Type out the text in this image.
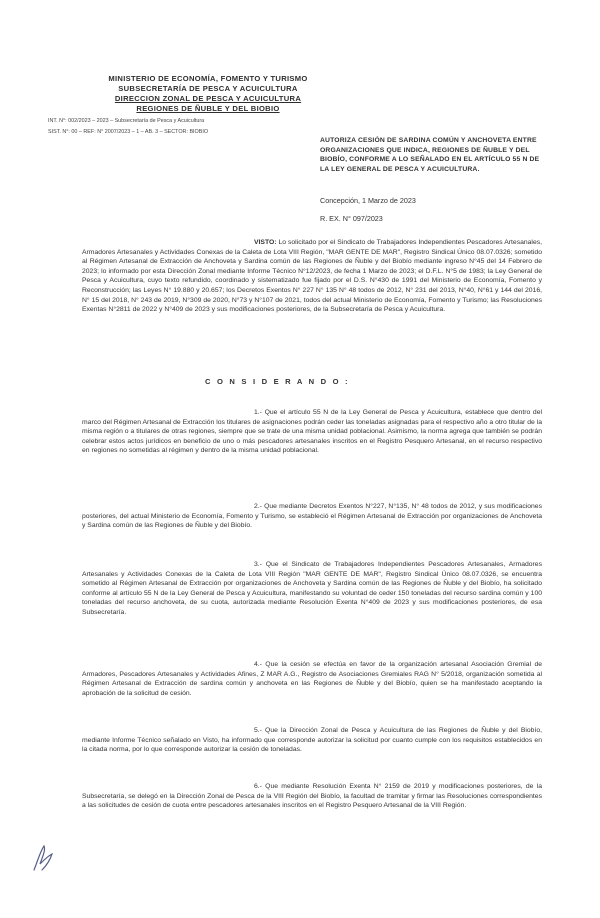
MINISTERIO DE ECONOMÍA, FOMENTO Y TURISMO
SUBSECRETARÍA DE PESCA Y ACUICULTURA
DIRECCION ZONAL DE PESCA Y ACUICULTURA
REGIONES DE ÑUBLE Y DEL BIOBIO
INT. N°: 002/2023 – 2023 – Subsecretaría de Pesca y Acuicultura
SIST. N°: 00 – REF: N° 2007/2023 – 1 – AB. 3 – SECTOR: BIOBIO
AUTORIZA CESIÓN DE SARDINA COMÚN Y ANCHOVETA ENTRE ORGANIZACIONES QUE INDICA, REGIONES DE ÑUBLE Y DEL BIOBÍO, CONFORME A LO SEÑALADO EN EL ARTÍCULO 55 N DE LA LEY GENERAL DE PESCA Y ACUICULTURA.
Concepción, 1 Marzo de 2023
R. EX. N° 097/2023
VISTO: Lo solicitado por el Sindicato de Trabajadores Independientes Pescadores Artesanales, Armadores Artesanales y Actividades Conexas de la Caleta de Lota VIII Región, "MAR GENTE DE MAR", Registro Sindical Único 08.07.0326; sometido al Régimen Artesanal de Extracción de Anchoveta y Sardina común de las Regiones de Ñuble y del Biobío mediante ingreso N°45 del 14 Febrero de 2023; lo informado por esta Dirección Zonal mediante Informe Técnico N°12/2023, de fecha 1 Marzo de 2023; el D.F.L. N°5 de 1983; la Ley General de Pesca y Acuicultura, cuyo texto refundido, coordinado y sistematizado fue fijado por el D.S. N°430 de 1991 del Ministerio de Economía, Fomento y Reconstrucción; las Leyes N° 19.880 y 20.657; los Decretos Exentos N° 227 N° 135 N° 48 todos de 2012, N° 231 del 2013, N°40, N°61 y 144 del 2016, N° 15 del 2018, N° 243 de 2019, N°309 de 2020, N°73 y N°107 de 2021, todos del actual Ministerio de Economía, Fomento y Turismo; las Resoluciones Exentas N°2811 de 2022 y N°409 de 2023 y sus modificaciones posteriores, de la Subsecretaría de Pesca y Acuicultura.
C O N S I D E R A N D O :
1.- Que el artículo 55 N de la Ley General de Pesca y Acuicultura, establece que dentro del marco del Régimen Artesanal de Extracción los titulares de asignaciones podrán ceder las toneladas asignadas para el respectivo año a otro titular de la misma región o a titulares de otras regiones, siempre que se trate de una misma unidad poblacional. Asimismo, la norma agrega que también se podrán celebrar estos actos jurídicos en beneficio de uno o más pescadores artesanales inscritos en el Registro Pesquero Artesanal, en el recurso respectivo en regiones no sometidas al régimen y dentro de la misma unidad poblacional.
2.- Que mediante Decretos Exentos N°227, N°135, N° 48 todos de 2012, y sus modificaciones posteriores, del actual Ministerio de Economía, Fomento y Turismo, se estableció el Régimen Artesanal de Extracción por organizaciones de Anchoveta y Sardina común de las Regiones de Ñuble y del Biobío.
3.- Que el Sindicato de Trabajadores Independientes Pescadores Artesanales, Armadores Artesanales y Actividades Conexas de la Caleta de Lota VIII Región "MAR GENTE DE MAR", Registro Sindical Único 08.07.0326, se encuentra sometido al Régimen Artesanal de Extracción por organizaciones de Anchoveta y Sardina común de las Regiones de Ñuble y del Biobío, ha solicitado conforme al artículo 55 N de la Ley General de Pesca y Acuicultura, manifestando su voluntad de ceder 150 toneladas del recurso sardina común y 100 toneladas del recurso anchoveta, de su cuota, autorizada mediante Resolución Exenta N°409 de 2023 y sus modificaciones posteriores, de esa Subsecretaría.
4.- Que la cesión se efectúa en favor de la organización artesanal Asociación Gremial de Armadores, Pescadores Artesanales y Actividades Afines, Z MAR A.G., Registro de Asociaciones Gremiales RAG N° 5/2018, organización sometida al Régimen Artesanal de Extracción de sardina común y anchoveta en las Regiones de Ñuble y del Biobío, quien se ha manifestado aceptando la aprobación de la solicitud de cesión.
5.- Que la Dirección Zonal de Pesca y Acuicultura de las Regiones de Ñuble y del Biobío, mediante Informe Técnico señalado en Visto, ha informado que corresponde autorizar la solicitud por cuanto cumple con los requisitos establecidos en la citada norma, por lo que corresponde autorizar la cesión de toneladas.
6.- Que mediante Resolución Exenta N° 2159 de 2019 y modificaciones posteriores, de la Subsecretaría, se delegó en la Dirección Zonal de Pesca de la VIII Región del Biobío, la facultad de tramitar y firmar las Resoluciones correspondientes a las solicitudes de cesión de cuota entre pescadores artesanales inscritos en el Registro Pesquero Artesanal de la VIII Región.
